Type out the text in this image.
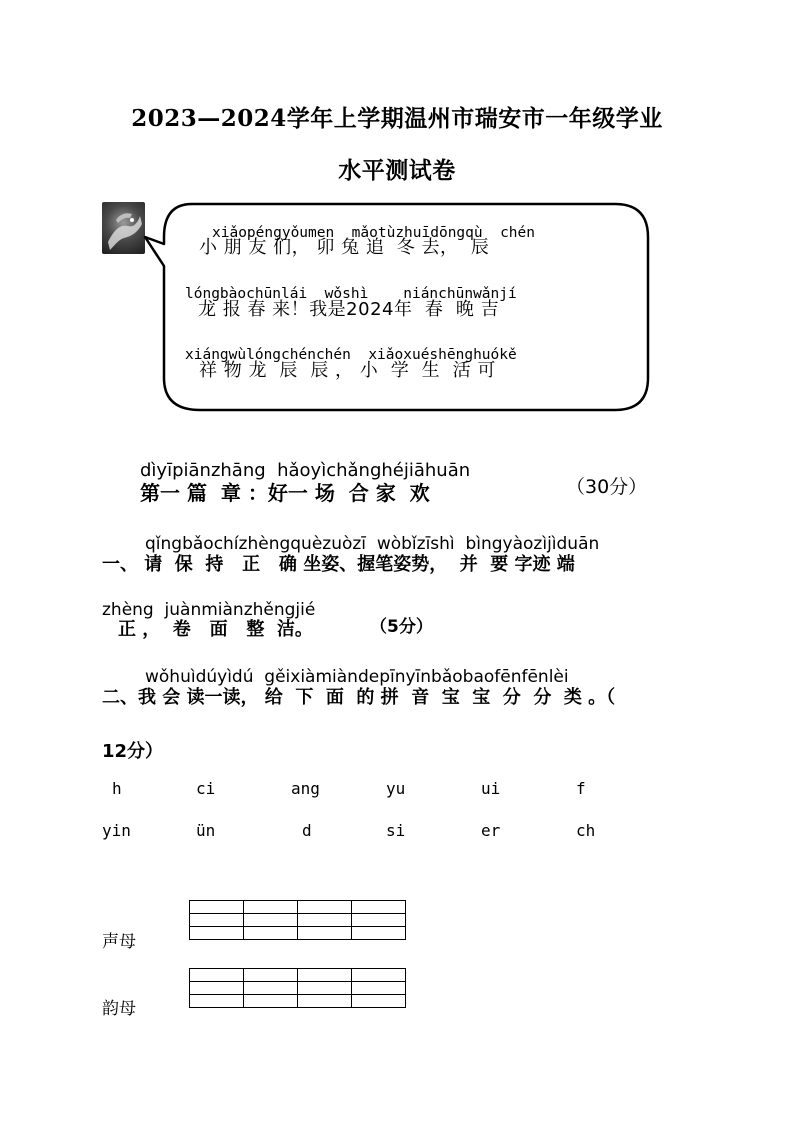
2023—2024学年上学期温州市瑞安市一年级学业
水平测试卷
xiǎopéngyǒumen  mǎotùzhuīdōngqù  chén
小 朋 友 们， 卯 兔 追  冬 去，  辰
lóngbàochūnlái  wǒshì    niánchūnwǎnjí
龙 报 春 来！我是2024年  春  晚 吉
xiángwùlóngchénchén  xiǎoxuéshēnghuókě
祥 物 龙  辰  辰 ， 小  学  生  活 可
dìyīpiānzhāng  hǎoyìchǎnghéjiāhuān
第一 篇  章 ：好一 场  合 家  欢	（30分）
qǐngbǎochízhèngquèzuòzī  wòbǐzīshì  bìngyàozìjìduān
一、 请  保  持   正   确 坐姿、握笔姿势，  并  要 字迹 端
zhèng  juànmiànzhěngjié
正 ，  卷   面   整  洁。	（5分）
wǒhuìdúyìdú  gěixiàmiàndepīnyīnbǎobaofēnfēnlèi
二、我 会 读一读， 给  下  面  的 拼  音  宝  宝  分  分  类 。（
12分）
h	ci	ang	yu	ui	f
yin	ün	d	si	er	ch

声母

韵母
